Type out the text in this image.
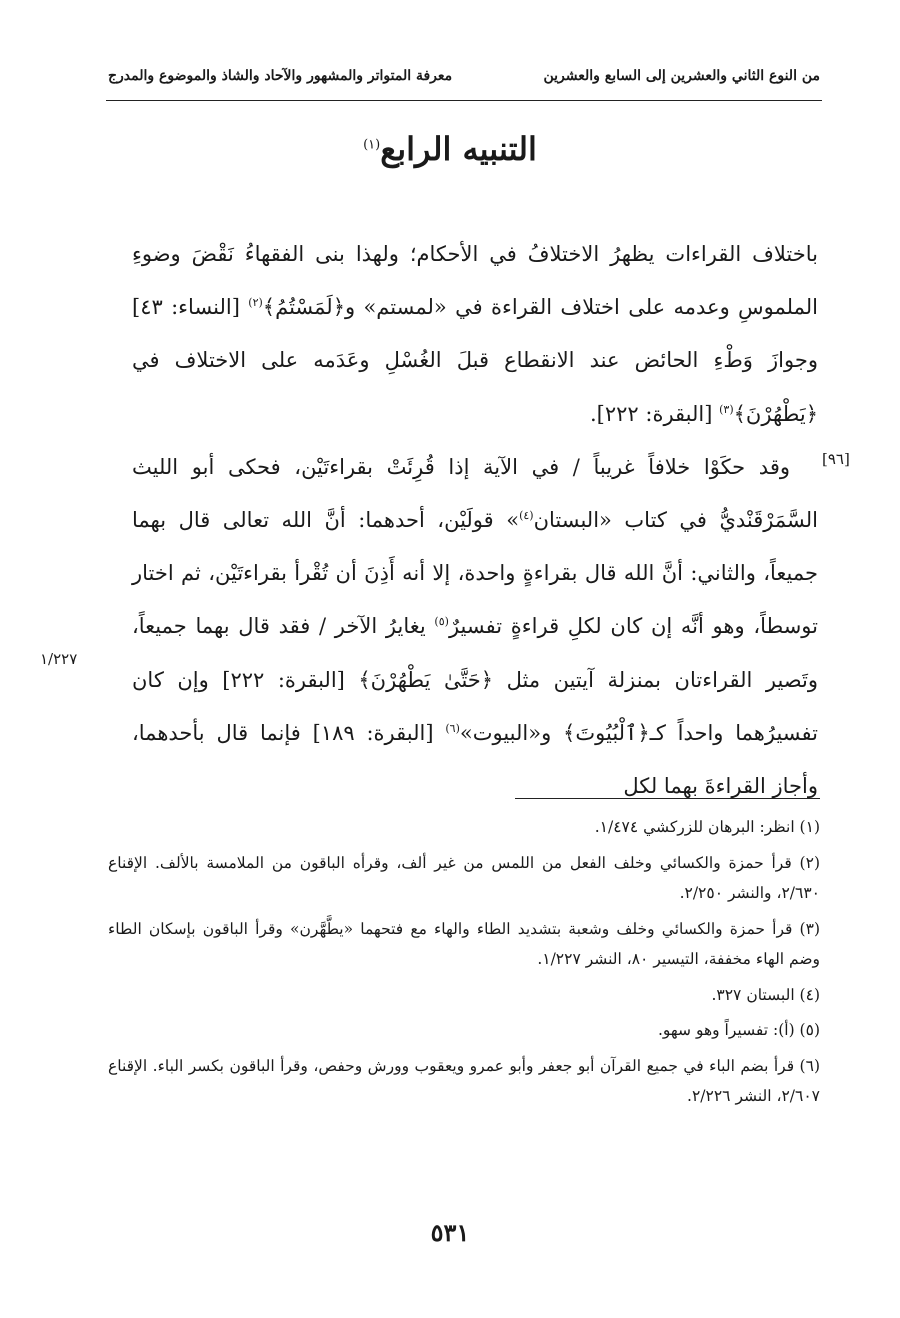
من النوع الثاني والعشرين إلى السابع والعشرين
معرفة المتواتر والمشهور والآحاد والشاذ والموضوع والمدرج
التنبيه الرابع$^{(١)}$

باختلاف القراءات يظهرُ الاختلافُ في الأحكام؛ ولهذا بنى الفقهاءُ نَقْضَ وضوءِ الملموسِ وعدمه على اختلاف القراءة في «لمستم» و﴿لَمَسْتُمُ﴾$^{(٢)}$ [النساء: ٤٣] وجوازَ وَطْءِ الحائض عند الانقطاع قبلَ الغُسْلِ وعَدَمه على الاختلاف في ﴿يَطْهُرْنَ﴾$^{(٣)}$ [البقرة: ٢٢٢].

وقد حكَوْا خلافاً غريباً / في الآية إذا قُرِئَتْ بقراءتَيْن، فحكى أبو الليث السَّمَرْقَنْديُّ في كتاب «البستان$^{(٤)}$» قولَيْن، أحدهما: أنَّ الله تعالى قال بهما جميعاً، والثاني: أنَّ الله قال بقراءةٍ واحدة، إلا أنه أَذِنَ أن تُقْرأ بقراءتَيْن، ثم اختار توسطاً، وهو أنَّه إن كان لكلِ قراءةٍ تفسيرٌ$^{(٥)}$ يغايرُ الآخر / فقد قال بهما جميعاً، وتَصير القراءتان بمنزلة آيتين مثل ﴿حَتَّىٰ يَطْهُرْنَ﴾ [البقرة: ٢٢٢] وإن كان تفسيرُهما واحداً كـ﴿ٱلْبُيُوتَ﴾ و«البيوت»$^{(٦)}$ [البقرة: ١٨٩] فإنما قال بأحدهما، وأجاز القراءةَ بهما لكل

[٩٦]
١/٢٢٧

(١) انظر: البرهان للزركشي ١/٤٧٤.

(٢) قرأ حمزة والكسائي وخلف الفعل من اللمس من غير ألف، وقرأه الباقون من الملامسة بالألف. الإقناع ٢/٦٣٠، والنشر ٢/٢٥٠.

(٣) قرأ حمزة والكسائي وخلف وشعبة بتشديد الطاء والهاء مع فتحهما «يطَّهَّرن» وقرأ الباقون بإسكان الطاء وضم الهاء مخففة، التيسير ٨٠، النشر ١/٢٢٧.

(٤) البستان ٣٢٧.

(٥) (أ): تفسيراً وهو سهو.

(٦) قرأ بضم الباء في جميع القرآن أبو جعفر وأبو عمرو ويعقوب وورش وحفص، وقرأ الباقون بكسر الباء. الإقناع ٢/٦٠٧، النشر ٢/٢٢٦.

٥٣١
